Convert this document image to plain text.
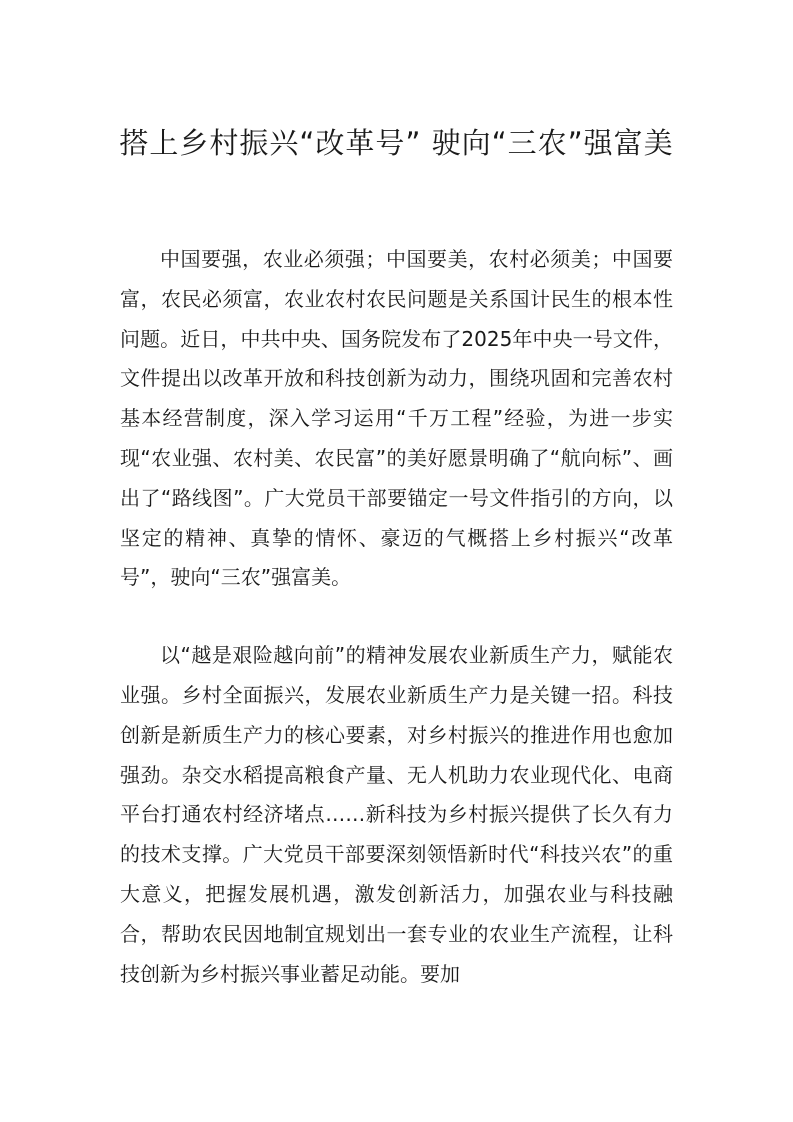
搭上乡村振兴“改革号” 驶向“三农”强富美

中国要强，农业必须强；中国要美，农村必须美；中国要富，农民必须富，农业农村农民问题是关系国计民生的根本性问题。近日，中共中央、国务院发布了2025年中央一号文件，文件提出以改革开放和科技创新为动力，围绕巩固和完善农村基本经营制度，深入学习运用“千万工程”经验，为进一步实现“农业强、农村美、农民富”的美好愿景明确了“航向标”、画出了“路线图”。广大党员干部要锚定一号文件指引的方向，以坚定的精神、真挚的情怀、豪迈的气概搭上乡村振兴“改革号”，驶向“三农”强富美。

以“越是艰险越向前”的精神发展农业新质生产力，赋能农业强。乡村全面振兴，发展农业新质生产力是关键一招。科技创新是新质生产力的核心要素，对乡村振兴的推进作用也愈加强劲。杂交水稻提高粮食产量、无人机助力农业现代化、电商平台打通农村经济堵点……新科技为乡村振兴提供了长久有力的技术支撑。广大党员干部要深刻领悟新时代“科技兴农”的重大意义，把握发展机遇，激发创新活力，加强农业与科技融合，帮助农民因地制宜规划出一套专业的农业生产流程，让科技创新为乡村振兴事业蓄足动能。要加
